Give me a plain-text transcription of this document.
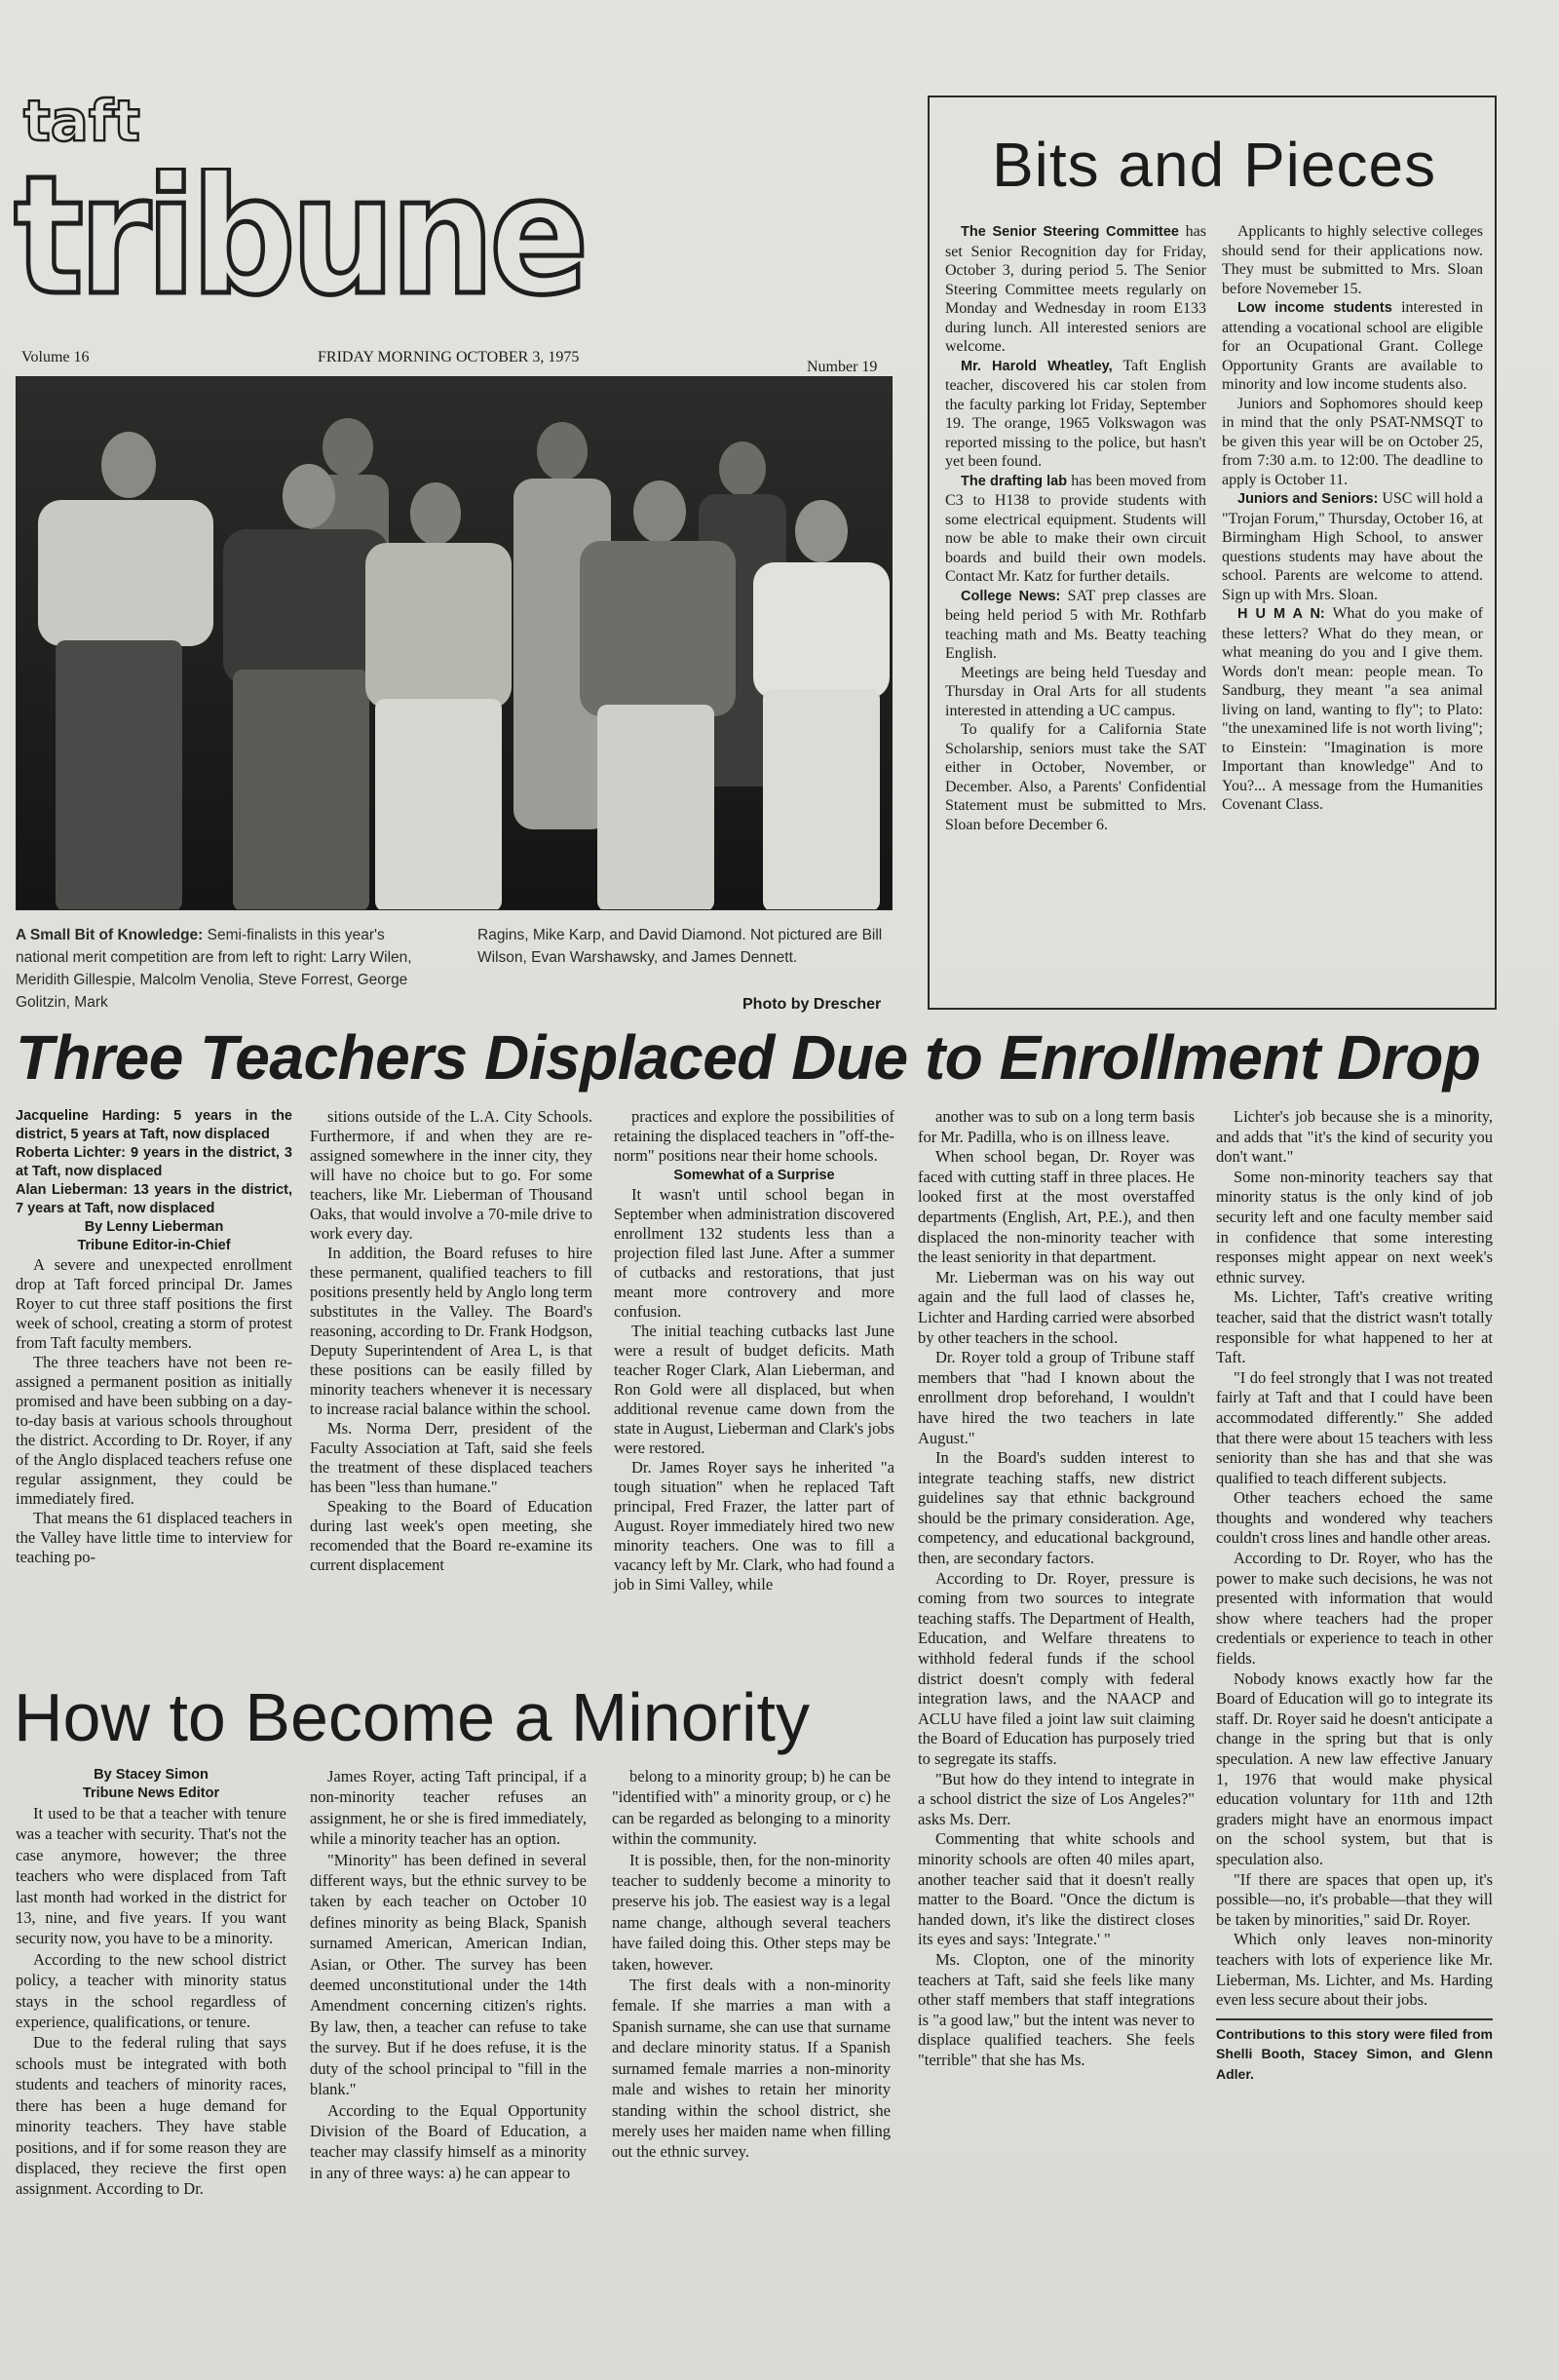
taft
tribune
Volume 16	FRIDAY MORNING OCTOBER 3, 1975
Number 19
A Small Bit of Knowledge: Semi-finalists in this year's national merit competition are from left to right: Larry Wilen, Meridith Gillespie, Malcolm Venolia, Steve Forrest, George Golitzin, Mark
Ragins, Mike Karp, and David Diamond. Not pictured are Bill Wilson, Evan Warshawsky, and James Dennett.
Photo by Drescher
Bits and Pieces

The Senior Steering Committee has set Senior Recognition day for Friday, October 3, during period 5. The Senior Steering Committee meets regularly on Monday and Wednesday in room E133 during lunch. All interested seniors are welcome.

Mr. Harold Wheatley, Taft English teacher, discovered his car stolen from the faculty parking lot Friday, September 19. The orange, 1965 Volkswagon was reported missing to the police, but hasn't yet been found.

The drafting lab has been moved from C3 to H138 to provide students with some electrical equipment. Students will now be able to make their own circuit boards and build their own models. Contact Mr. Katz for further details.

College News: SAT prep classes are being held period 5 with Mr. Rothfarb teaching math and Ms. Beatty teaching English.

Meetings are being held Tuesday and Thursday in Oral Arts for all students interested in attending a UC campus.

To qualify for a California State Scholarship, seniors must take the SAT either in October, November, or December. Also, a Parents' Confidential Statement must be submitted to Mrs. Sloan before December 6.

Applicants to highly selective colleges should send for their applications now. They must be submitted to Mrs. Sloan before Novemeber 15.

Low income students interested in attending a vocational school are eligible for an Ocupational Grant. College Opportunity Grants are available to minority and low income students also.

Juniors and Sophomores should keep in mind that the only PSAT-NMSQT to be given this year will be on October 25, from 7:30 a.m. to 12:00. The deadline to apply is October 11.

Juniors and Seniors: USC will hold a "Trojan Forum," Thursday, October 16, at Birmingham High School, to answer questions students may have about the school. Parents are welcome to attend. Sign up with Mrs. Sloan.

H U M A N: What do you make of these letters? What do they mean, or what meaning do you and I give them. Words don't mean: people mean. To Sandburg, they meant "a sea animal living on land, wanting to fly"; to Plato: "the unexamined life is not worth living"; to Einstein: "Imagination is more Important than knowledge" And to You?... A message from the Humanities Covenant Class.

Three Teachers Displaced Due to Enrollment Drop

Jacqueline Harding: 5 years in the district, 5 years at Taft, now displaced

Roberta Lichter: 9 years in the district, 3 at Taft, now displaced

Alan Lieberman: 13 years in the district, 7 years at Taft, now displaced

By Lenny Lieberman

Tribune Editor-in-Chief

A severe and unexpected enrollment drop at Taft forced principal Dr. James Royer to cut three staff positions the first week of school, creating a storm of protest from Taft faculty members.

The three teachers have not been re-assigned a permanent position as initially promised and have been subbing on a day-to-day basis at various schools throughout the district. According to Dr. Royer, if any of the Anglo displaced teachers refuse one regular assignment, they could be immediately fired.

That means the 61 displaced teachers in the Valley have little time to interview for teaching po-

sitions outside of the L.A. City Schools. Furthermore, if and when they are re-assigned somewhere in the inner city, they will have no choice but to go. For some teachers, like Mr. Lieberman of Thousand Oaks, that would involve a 70-mile drive to work every day.

In addition, the Board refuses to hire these permanent, qualified teachers to fill positions presently held by Anglo long term substitutes in the Valley. The Board's reasoning, according to Dr. Frank Hodgson, Deputy Superintendent of Area L, is that these positions can be easily filled by minority teachers whenever it is necessary to increase racial balance within the school.

Ms. Norma Derr, president of the Faculty Association at Taft, said she feels the treatment of these displaced teachers has been "less than humane."

Speaking to the Board of Education during last week's open meeting, she recomended that the Board re-examine its current displacement

practices and explore the possibilities of retaining the displaced teachers in "off-the-norm" positions near their home schools.

Somewhat of a Surprise

It wasn't until school began in September when administration discovered enrollment 132 students less than a projection filed last June. After a summer of cutbacks and restorations, that just meant more controvery and more confusion.

The initial teaching cutbacks last June were a result of budget deficits. Math teacher Roger Clark, Alan Lieberman, and Ron Gold were all displaced, but when additional revenue came down from the state in August, Lieberman and Clark's jobs were restored.

Dr. James Royer says he inherited "a tough situation" when he replaced Taft principal, Fred Frazer, the latter part of August. Royer immediately hired two new minority teachers. One was to fill a vacancy left by Mr. Clark, who had found a job in Simi Valley, while

another was to sub on a long term basis for Mr. Padilla, who is on illness leave.

When school began, Dr. Royer was faced with cutting staff in three places. He looked first at the most overstaffed departments (English, Art, P.E.), and then displaced the non-minority teacher with the least seniority in that department.

Mr. Lieberman was on his way out again and the full laod of classes he, Lichter and Harding carried were absorbed by other teachers in the school.

Dr. Royer told a group of Tribune staff members that "had I known about the enrollment drop beforehand, I wouldn't have hired the two teachers in late August."

In the Board's sudden interest to integrate teaching staffs, new district guidelines say that ethnic background should be the primary consideration. Age, competency, and educational background, then, are secondary factors.

According to Dr. Royer, pressure is coming from two sources to integrate teaching staffs. The Department of Health, Education, and Welfare threatens to withhold federal funds if the school district doesn't comply with federal integration laws, and the NAACP and ACLU have filed a joint law suit claiming the Board of Education has purposely tried to segregate its staffs.

"But how do they intend to integrate in a school district the size of Los Angeles?" asks Ms. Derr.

Commenting that white schools and minority schools are often 40 miles apart, another teacher said that it doesn't really matter to the Board. "Once the dictum is handed down, it's like the distirect closes its eyes and says: 'Integrate.' "

Ms. Clopton, one of the minority teachers at Taft, said she feels like many other staff members that staff integrations is "a good law," but the intent was never to displace qualified teachers. She feels "terrible" that she has Ms.

Lichter's job because she is a minority, and adds that "it's the kind of security you don't want."

Some non-minority teachers say that minority status is the only kind of job security left and one faculty member said in confidence that some interesting responses might appear on next week's ethnic survey.

Ms. Lichter, Taft's creative writing teacher, said that the district wasn't totally responsible for what happened to her at Taft.

"I do feel strongly that I was not treated fairly at Taft and that I could have been accommodated differently." She added that there were about 15 teachers with less seniority than she has and that she was qualified to teach different subjects.

Other teachers echoed the same thoughts and wondered why teachers couldn't cross lines and handle other areas.

According to Dr. Royer, who has the power to make such decisions, he was not presented with information that would show where teachers had the proper credentials or experience to teach in other fields.

Nobody knows exactly how far the Board of Education will go to integrate its staff. Dr. Royer said he doesn't anticipate a change in the spring but that is only speculation. A new law effective January 1, 1976 that would make physical education voluntary for 11th and 12th graders might have an enormous impact on the school system, but that is speculation also.

"If there are spaces that open up, it's possible—no, it's probable—that they will be taken by minorities," said Dr. Royer.

Which only leaves non-minority teachers with lots of experience like Mr. Lieberman, Ms. Lichter, and Ms. Harding even less secure about their jobs.

Contributions to this story were filed from Shelli Booth, Stacey Simon, and Glenn Adler.

How to Become a Minority

By Stacey Simon

Tribune News Editor

It used to be that a teacher with tenure was a teacher with security. That's not the case anymore, however; the three teachers who were displaced from Taft last month had worked in the district for 13, nine, and five years. If you want security now, you have to be a minority.

According to the new school district policy, a teacher with minority status stays in the school regardless of experience, qualifications, or tenure.

Due to the federal ruling that says schools must be integrated with both students and teachers of minority races, there has been a huge demand for minority teachers. They have stable positions, and if for some reason they are displaced, they recieve the first open assignment. According to Dr.

James Royer, acting Taft principal, if a non-minority teacher refuses an assignment, he or she is fired immediately, while a minority teacher has an option.

"Minority" has been defined in several different ways, but the ethnic survey to be taken by each teacher on October 10 defines minority as being Black, Spanish surnamed American, American Indian, Asian, or Other. The survey has been deemed unconstitutional under the 14th Amendment concerning citizen's rights. By law, then, a teacher can refuse to take the survey. But if he does refuse, it is the duty of the school principal to "fill in the blank."

According to the Equal Opportunity Division of the Board of Education, a teacher may classify himself as a minority in any of three ways: a) he can appear to

belong to a minority group; b) he can be "identified with" a minority group, or c) he can be regarded as belonging to a minority within the community.

It is possible, then, for the non-minority teacher to suddenly become a minority to preserve his job. The easiest way is a legal name change, although several teachers have failed doing this. Other steps may be taken, however.

The first deals with a non-minority female. If she marries a man with a Spanish surname, she can use that surname and declare minority status. If a Spanish surnamed female marries a non-minority male and wishes to retain her minority standing within the school district, she merely uses her maiden name when filling out the ethnic survey.
